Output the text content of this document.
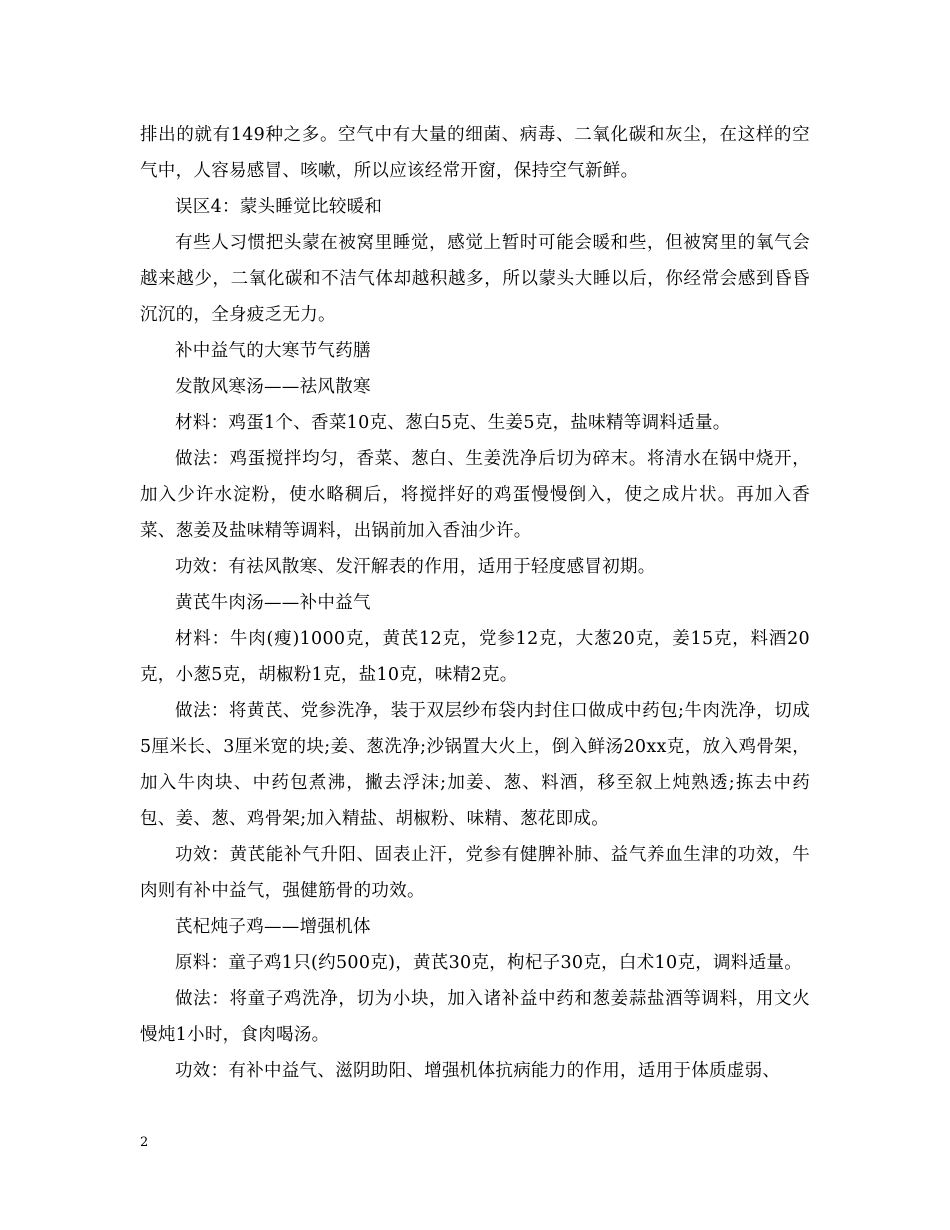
排出的就有149种之多。空气中有大量的细菌、病毒、二氧化碳和灰尘，在这样的空气中，人容易感冒、咳嗽，所以应该经常开窗，保持空气新鲜。

误区4：蒙头睡觉比较暖和

有些人习惯把头蒙在被窝里睡觉，感觉上暂时可能会暖和些，但被窝里的氧气会越来越少，二氧化碳和不洁气体却越积越多，所以蒙头大睡以后，你经常会感到昏昏沉沉的，全身疲乏无力。

补中益气的大寒节气药膳

发散风寒汤——祛风散寒

材料：鸡蛋1个、香菜10克、葱白5克、生姜5克，盐味精等调料适量。

做法：鸡蛋搅拌均匀，香菜、葱白、生姜洗净后切为碎末。将清水在锅中烧开，加入少许水淀粉，使水略稠后，将搅拌好的鸡蛋慢慢倒入，使之成片状。再加入香菜、葱姜及盐味精等调料，出锅前加入香油少许。

功效：有祛风散寒、发汗解表的作用，适用于轻度感冒初期。

黄芪牛肉汤——补中益气

材料：牛肉(瘦)1000克，黄芪12克，党参12克，大葱20克，姜15克，料酒20克，小葱5克，胡椒粉1克，盐10克，味精2克。

做法：将黄芪、党参洗净，装于双层纱布袋内封住口做成中药包;牛肉洗净，切成5厘米长、3厘米宽的块;姜、葱洗净;沙锅置大火上，倒入鲜汤20xx克，放入鸡骨架，加入牛肉块、中药包煮沸，撇去浮沫;加姜、葱、料酒，移至叙上炖熟透;拣去中药包、姜、葱、鸡骨架;加入精盐、胡椒粉、味精、葱花即成。

功效：黄芪能补气升阳、固表止汗，党参有健脾补肺、益气养血生津的功效，牛肉则有补中益气，强健筋骨的功效。

芪杞炖子鸡——增强机体

原料：童子鸡1只(约500克)，黄芪30克，枸杞子30克，白术10克，调料适量。

做法：将童子鸡洗净，切为小块，加入诸补益中药和葱姜蒜盐酒等调料，用文火慢炖1小时，食肉喝汤。

功效：有补中益气、滋阴助阳、增强机体抗病能力的作用，适用于体质虚弱、

2
